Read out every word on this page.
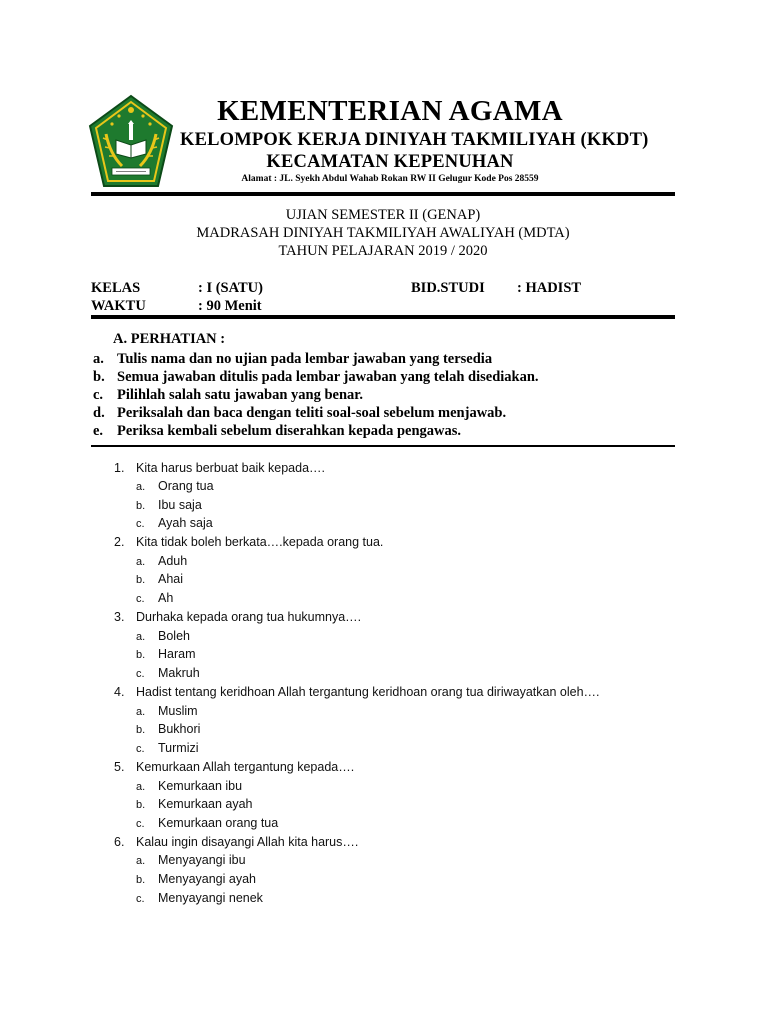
KEMENTERIAN AGAMA
KELOMPOK KERJA DINIYAH TAKMILIYAH (KKDT)
KECAMATAN KEPENUHAN
Alamat : JL. Syekh Abdul Wahab Rokan RW II Gelugur Kode Pos 28559
UJIAN SEMESTER II (GENAP)
MADRASAH DINIYAH TAKMILIYAH AWALIYAH (MDTA)
TAHUN PELAJARAN 2019 / 2020
KELAS	: I (SATU)
WAKTU	: 90 Menit
BID.STUDI : HADIST
A. PERHATIAN :
a. Tulis nama dan no ujian pada lembar jawaban yang tersedia
b. Semua jawaban ditulis pada lembar jawaban yang telah disediakan.
c. Pilihlah salah satu jawaban yang benar.
d. Periksalah dan baca dengan teliti soal-soal sebelum menjawab.
e. Periksa kembali sebelum diserahkan kepada pengawas.
1. Kita harus berbuat baik kepada….
a. Orang tua
b. Ibu saja
c. Ayah saja
2. Kita tidak boleh berkata….kepada orang tua.
a. Aduh
b. Ahai
c. Ah
3. Durhaka kepada orang tua hukumnya….
a. Boleh
b. Haram
c. Makruh
4. Hadist tentang keridhoan Allah tergantung keridhoan orang tua diriwayatkan oleh….
a. Muslim
b. Bukhori
c. Turmizi
5. Kemurkaan Allah tergantung kepada….
a. Kemurkaan ibu
b. Kemurkaan ayah
c. Kemurkaan orang tua
6. Kalau ingin disayangi Allah kita harus….
a. Menyayangi ibu
b. Menyayangi ayah
c. Menyayangi nenek
